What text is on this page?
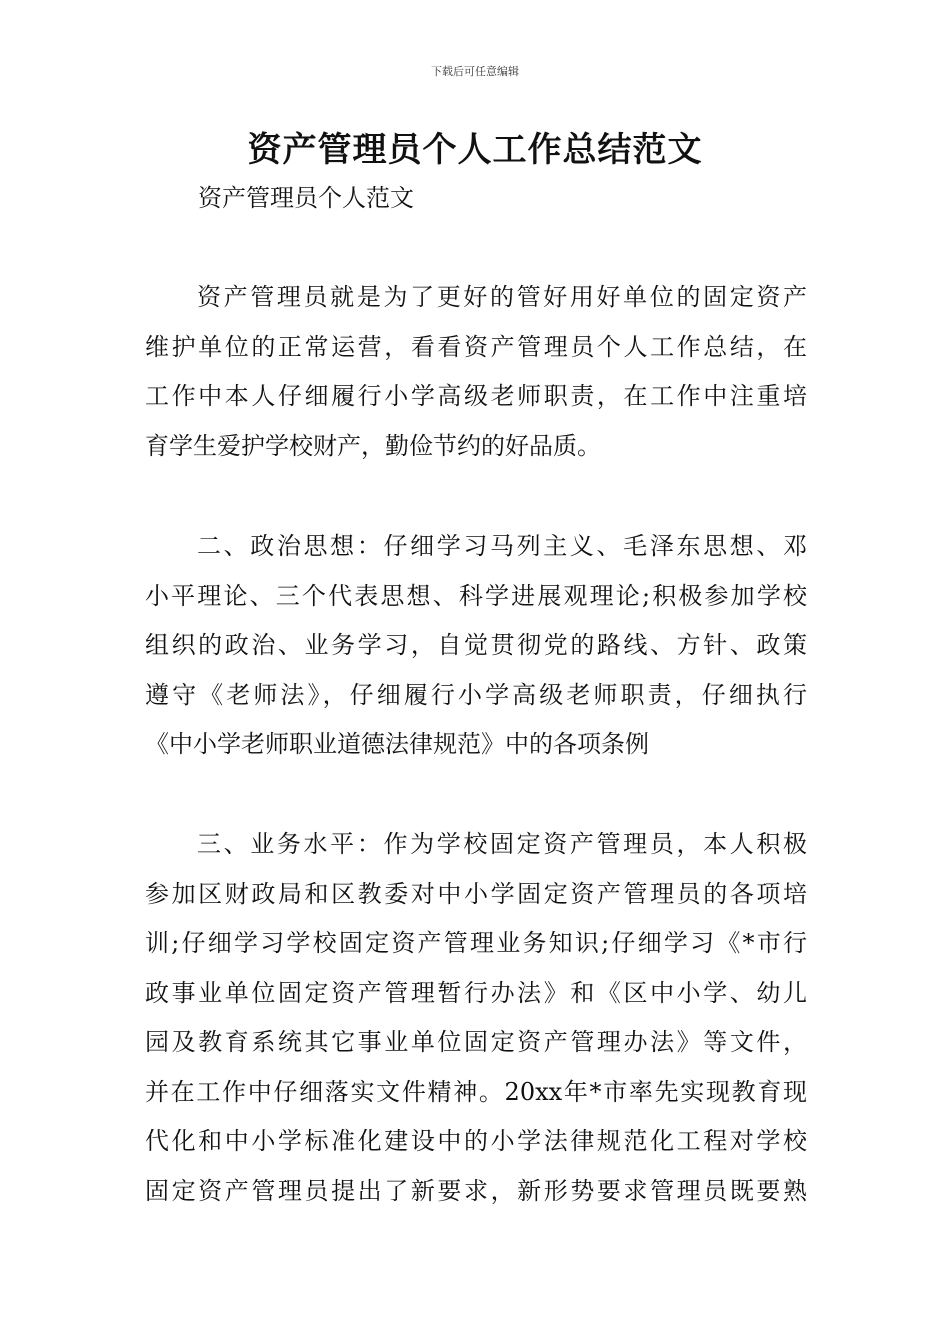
下载后可任意编辑
资产管理员个人工作总结范文

资产管理员个人范文

资产管理员就是为了更好的管好用好单位的固定资产
维护单位的正常运营，看看资产管理员个人工作总结，在
工作中本人仔细履行小学高级老师职责，在工作中注重培
育学生爱护学校财产，勤俭节约的好品质。
二、政治思想：仔细学习马列主义、毛泽东思想、邓
小平理论、三个代表思想、科学进展观理论;积极参加学校
组织的政治、业务学习，自觉贯彻党的路线、方针、政策
遵守《老师法》，仔细履行小学高级老师职责，仔细执行
《中小学老师职业道德法律规范》中的各项条例
三、业务水平：作为学校固定资产管理员，本人积极
参加区财政局和区教委对中小学固定资产管理员的各项培
训;仔细学习学校固定资产管理业务知识;仔细学习《*市行
政事业单位固定资产管理暂行办法》和《区中小学、幼儿
园及教育系统其它事业单位固定资产管理办法》等文件，
并在工作中仔细落实文件精神。20xx年*市率先实现教育现
代化和中小学标准化建设中的小学法律规范化工程对学校
固定资产管理员提出了新要求，新形势要求管理员既要熟
